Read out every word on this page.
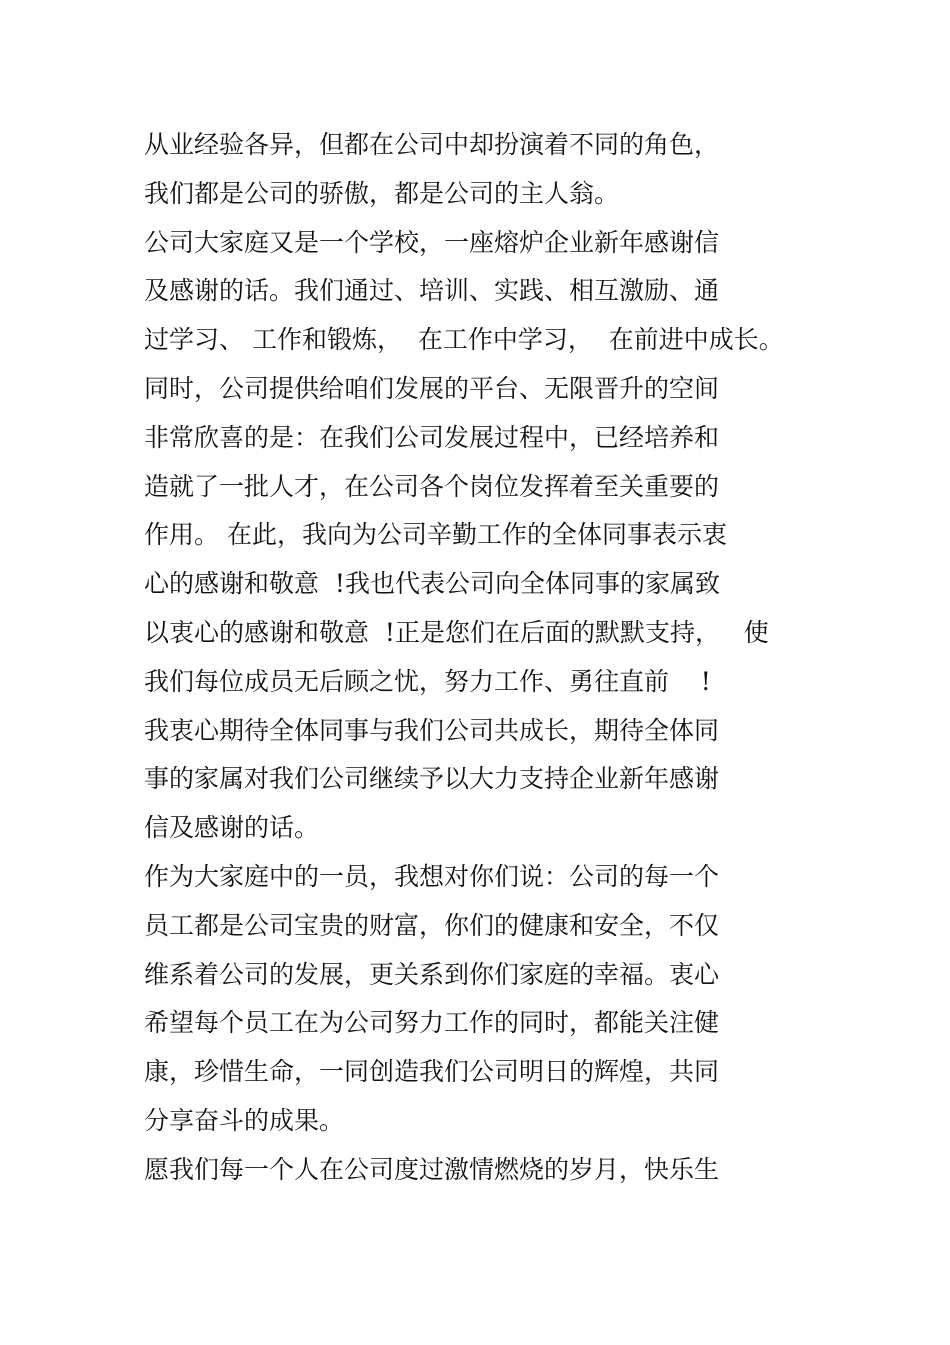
从业经验各异，但都在公司中却扮演着不同的角色，
我们都是公司的骄傲，都是公司的主人翁。
公司大家庭又是一个学校，一座熔炉企业新年感谢信
及感谢的话。我们通过、培训、实践、相互激励、通
过学习、 工作和锻炼，  在工作中学习，  在前进中成长。
同时，公司提供给咱们发展的平台、无限晋升的空间
非常欣喜的是：在我们公司发展过程中，已经培养和
造就了一批人才，在公司各个岗位发挥着至关重要的
作用。 在此，我向为公司辛勤工作的全体同事表示衷
心的感谢和敬意  !我也代表公司向全体同事的家属致
以衷心的感谢和敬意  !正是您们在后面的默默支持，   使
我们每位成员无后顾之忧，努力工作、勇往直前    !
我衷心期待全体同事与我们公司共成长，期待全体同
事的家属对我们公司继续予以大力支持企业新年感谢
信及感谢的话。
作为大家庭中的一员，我想对你们说：公司的每一个
员工都是公司宝贵的财富，你们的健康和安全，不仅
维系着公司的发展，更关系到你们家庭的幸福。衷心
希望每个员工在为公司努力工作的同时，都能关注健
康，珍惜生命，一同创造我们公司明日的辉煌，共同
分享奋斗的成果。
愿我们每一个人在公司度过激情燃烧的岁月，快乐生
